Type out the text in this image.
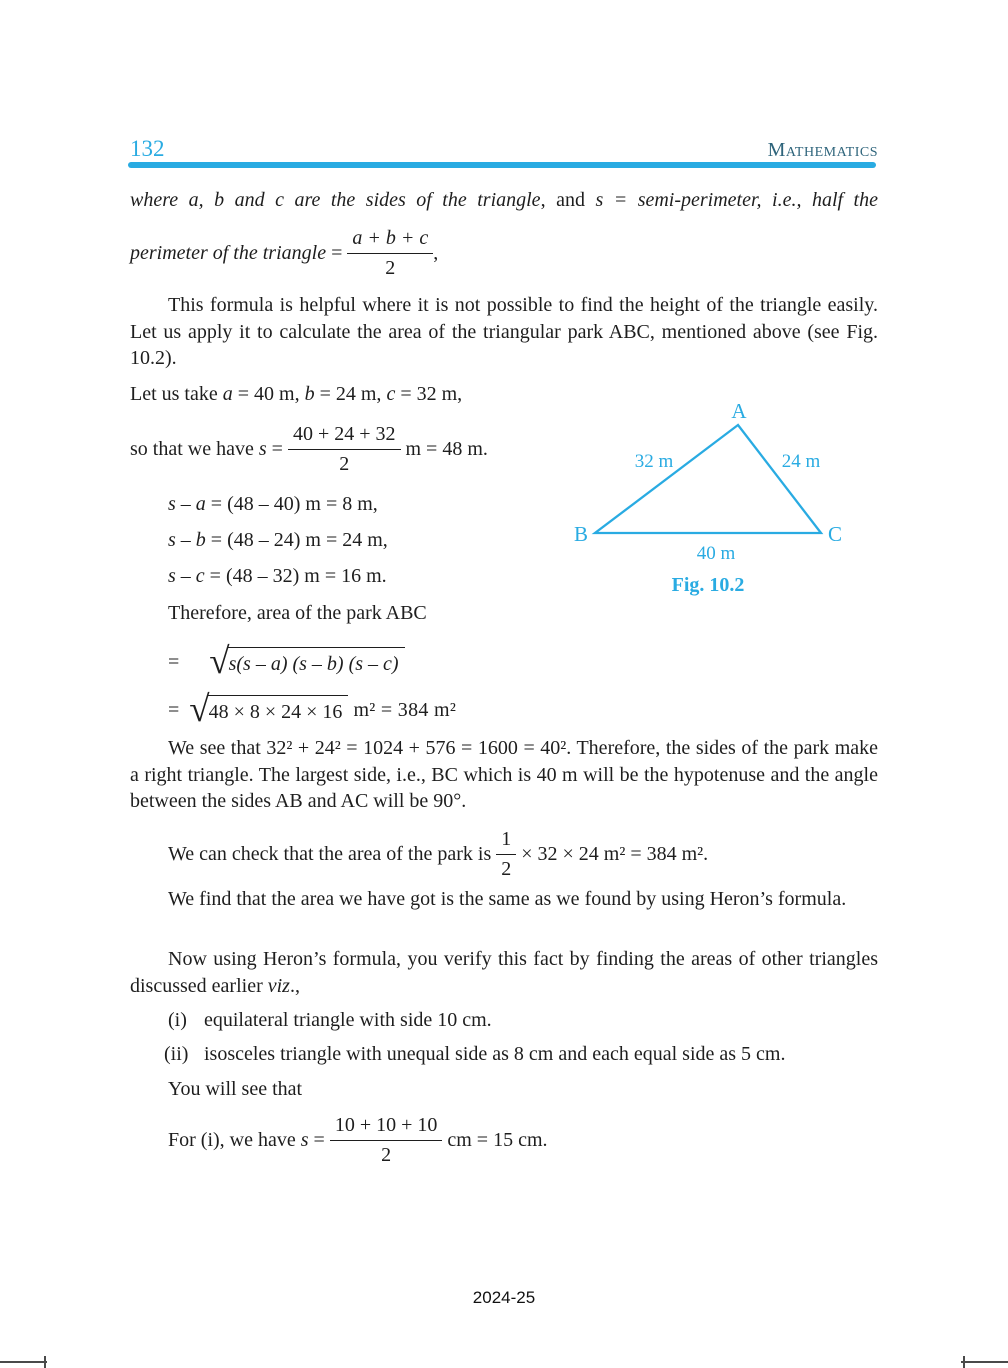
132	Mathematics
where a, b and c are the sides of the triangle, and s = semi-perimeter, i.e., half the
perimeter of the triangle = $\frac{a + b + c}{2}$ ,
This formula is helpful where it is not possible to find the height of the triangle easily. Let us apply it to calculate the area of the triangular park ABC, mentioned above (see Fig. 10.2).
Let us take a = 40 m, b = 24 m, c = 32 m,
A
B	C
32 m	24 m
40 m
Fig. 10.2
so that we have $s = \frac{40 + 24 + 32}{2}$ m = 48 m.
s – a = (48 – 40) m = 8 m,
s – b = (48 – 24) m = 24 m,
s – c = (48 – 32) m = 16 m.
Therefore, area of the park ABC
= √ s(s – a) (s – b) (s – c)
= √ 48 × 8 × 24 × 16 m² = 384 m²
We see that 32² + 24² = 1024 + 576 = 1600 = 40². Therefore, the sides of the park make a right triangle. The largest side, i.e., BC which is 40 m will be the hypotenuse and the angle between the sides AB and AC will be 90°.
We can check that the area of the park is $\frac{1}{2} \times 32 \times 24$ m² = 384 m².
We find that the area we have got is the same as we found by using Heron’s formula.
Now using Heron’s formula, you verify this fact by finding the areas of other triangles discussed earlier viz.,
(i) equilateral triangle with side 10 cm.
(ii) isosceles triangle with unequal side as 8 cm and each equal side as 5 cm.
You will see that
For (i), we have $s = \frac{10 + 10 + 10}{2}$ cm = 15 cm.
2024-25
